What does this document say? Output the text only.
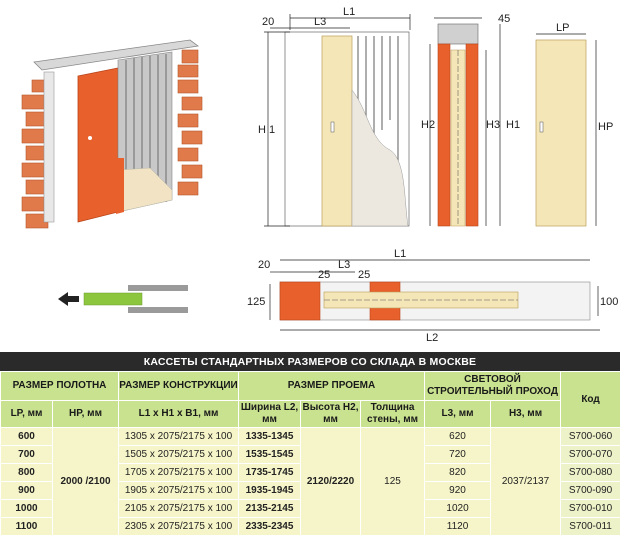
20	L3
L1
H 1
45
H2	H3 H1
LP
HP
20	L3
L1
25	25
125	100
L2
КАССЕТЫ СТАНДАРТНЫХ РАЗМЕРОВ СО СКЛАДА В МОСКВЕ
РАЗМЕР ПОЛОТНА		РАЗМЕР КОНСТРУКЦИИ	РАЗМЕР ПРОЕМА			СВЕТОВОЙ СТРОИТЕЛЬНЫЙ ПРОХОД		Код
LP, мм	HP, мм	L1 x H1 x B1, мм	Ширина L2, мм	Высота H2, мм	Толщина стены, мм	L3, мм	H3, мм	
600	2000 /2100	1305 x 2075/2175 x 100	1335-1345	2120/2220	125	620	2037/2137	S700-060
700		1505 x 2075/2175 x 100	1535-1545			720		S700-070
800		1705 x 2075/2175 x 100	1735-1745			820		S700-080
900		1905 x 2075/2175 x 100	1935-1945			920		S700-090
1000		2105 x 2075/2175 x 100	2135-2145			1020		S700-010
1100		2305 x 2075/2175 x 100	2335-2345			1120		S700-011
